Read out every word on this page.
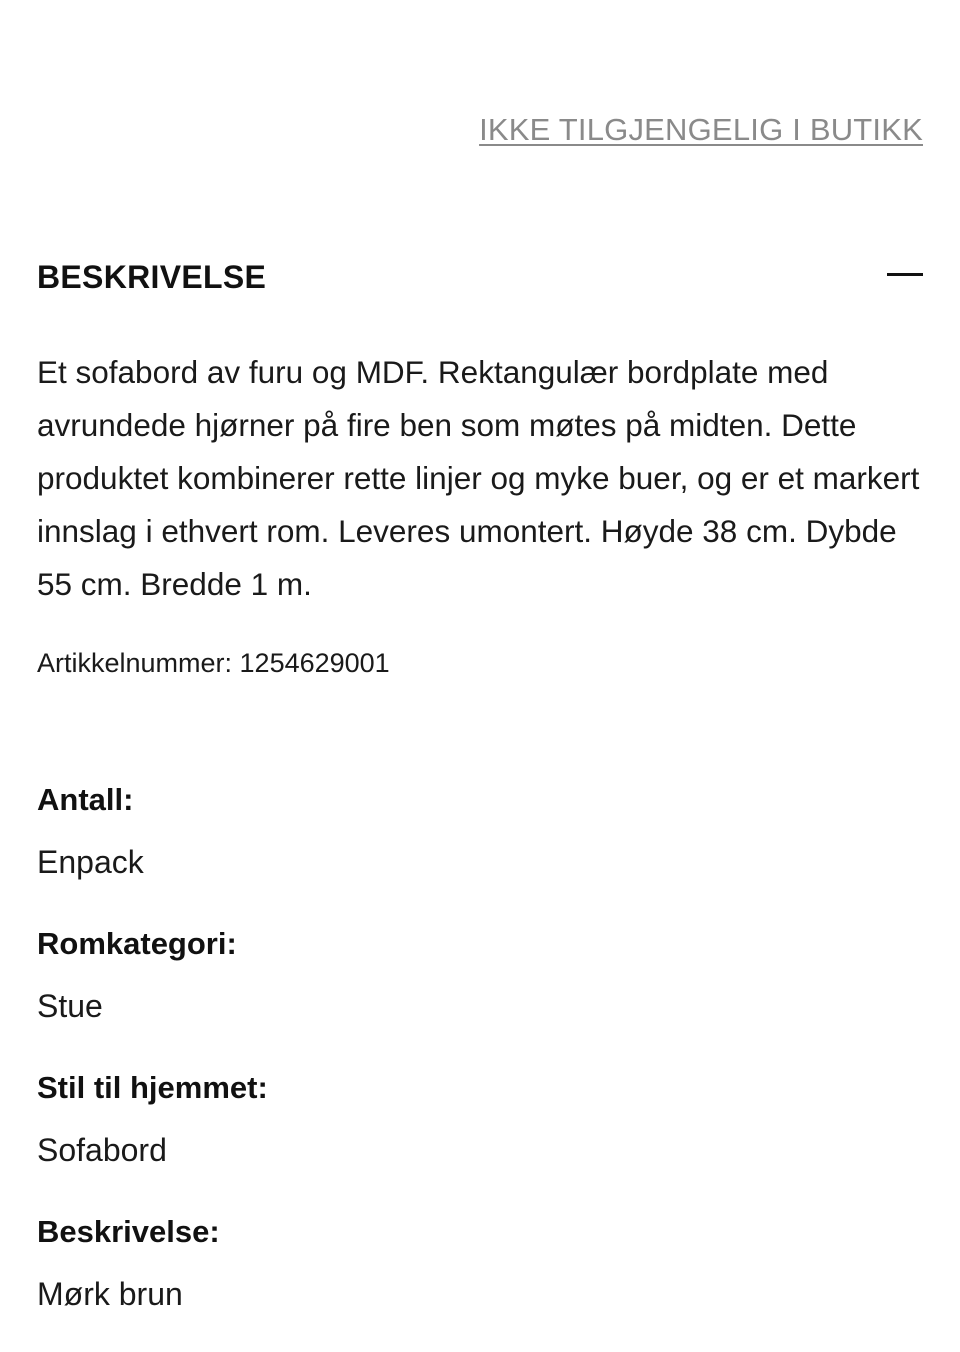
IKKE TILGJENGELIG I BUTIKK
BESKRIVELSE

Et sofabord av furu og MDF. Rektangulær bordplate med avrundede hjørner på fire ben som møtes på midten. Dette produktet kombinerer rette linjer og myke buer, og er et markert innslag i ethvert rom. Leveres umontert. Høyde 38 cm. Dybde 55 cm. Bredde 1 m.

Artikkelnummer: 1254629001
Antall:
Enpack
Romkategori:
Stue
Stil til hjemmet:
Sofabord
Beskrivelse:
Mørk brun
